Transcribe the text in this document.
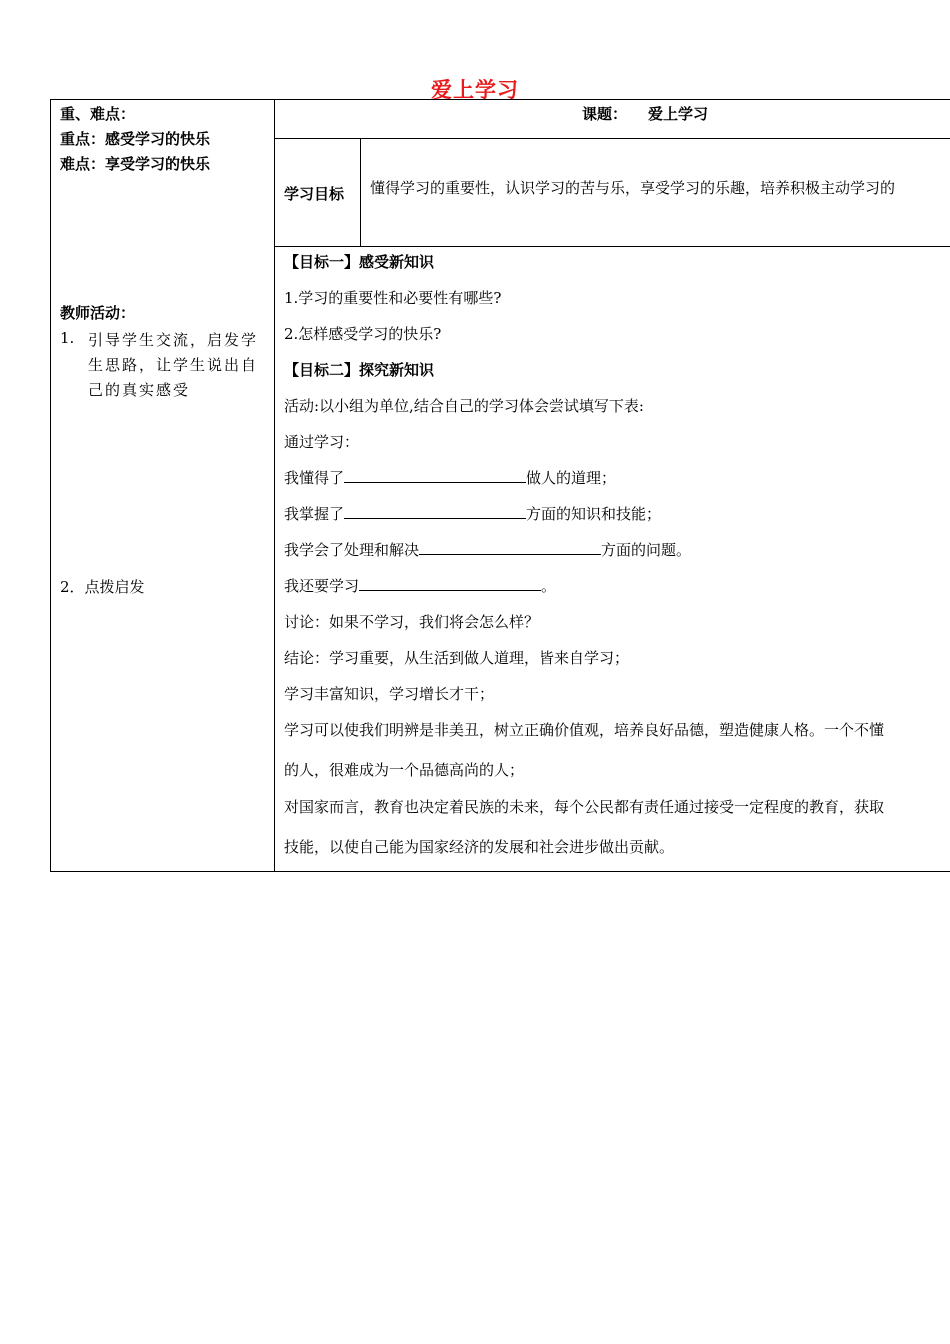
爱上学习
重、难点：
重点：感受学习的快乐
难点：享受学习的快乐
教师活动：
1. 引导学生交流，启发学生思路，让学生说出自己的真实感受
2．点拨启发
课题： 爱上学习
学习目标 懂得学习的重要性，认识学习的苦与乐，享受学习的乐趣，培养积极主动学习的
【目标一】感受新知识
1.学习的重要性和必要性有哪些?
2.怎样感受学习的快乐?
【目标二】探究新知识
活动:以小组为单位,结合自己的学习体会尝试填写下表:
通过学习：
我懂得了	做人的道理；
我掌握了	方面的知识和技能；
我学会了处理和解决	方面的问题。
我还要学习	。
讨论：如果不学习，我们将会怎么样？
结论：学习重要，从生活到做人道理，皆来自学习；
学习丰富知识，学习增长才干；
学习可以使我们明辨是非美丑，树立正确价值观，培养良好品德，塑造健康人格。一个不懂
的人，很难成为一个品德高尚的人；
对国家而言，教育也决定着民族的未来，每个公民都有责任通过接受一定程度的教育，获取
技能，以使自己能为国家经济的发展和社会进步做出贡献。
